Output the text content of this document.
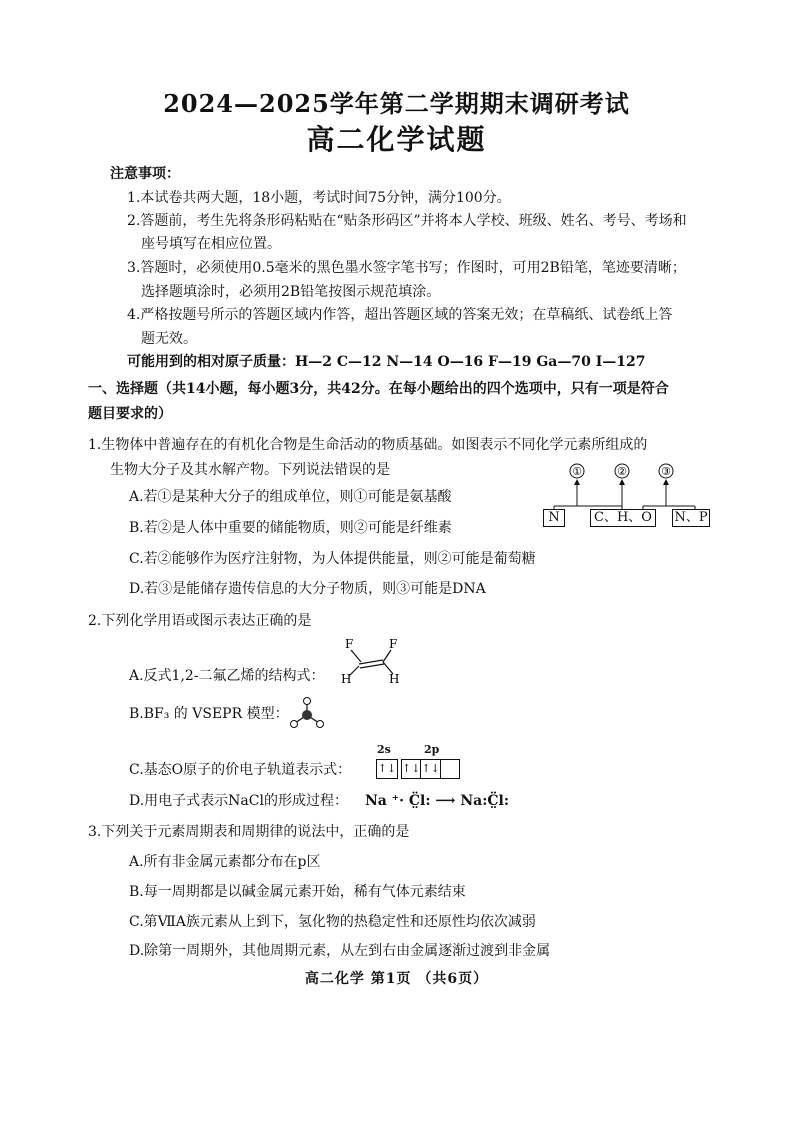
2024—2025学年第二学期期末调研考试
高二化学试题
注意事项：
1.本试卷共两大题，18小题，考试时间75分钟，满分100分。
2.答题前，考生先将条形码粘贴在“贴条形码区”并将本人学校、班级、姓名、考号、考场和
座号填写在相应位置。
3.答题时，必须使用0.5毫米的黑色墨水签字笔书写；作图时，可用2B铅笔，笔迹要清晰；
选择题填涂时，必须用2B铅笔按图示规范填涂。
4.严格按题号所示的答题区域内作答，超出答题区域的答案无效；在草稿纸、试卷纸上答
题无效。
可能用到的相对原子质量：H—2 C—12 N—14 O—16 F—19 Ga—70 I—127
一、选择题（共14小题，每小题3分，共42分。在每小题给出的四个选项中，只有一项是符合
题目要求的）
1.生物体中普遍存在的有机化合物是生命活动的物质基础。如图表示不同化学元素所组成的
生物大分子及其水解产物。下列说法错误的是
A.若①是某种大分子的组成单位，则①可能是氨基酸
B.若②是人体中重要的储能物质，则②可能是纤维素
C.若②能够作为医疗注射物，为人体提供能量，则②可能是葡萄糖
D.若③是能储存遗传信息的大分子物质，则③可能是DNA
①	②	③
N	C、H、O	N、P
2.下列化学用语或图示表达正确的是
A.反式1,2-二氟乙烯的结构式：
F	F
H	H
B.BF₃ 的 VSEPR 模型：
2s	2p
C.基态O原子的价电子轨道表示式： ↑↓ ↑↓ ↑↓
D.用电子式表示NaCl的形成过程： Na ⁺· C̤̈l: ⟶ Na:C̤̈l:
3.下列关于元素周期表和周期律的说法中，正确的是
A.所有非金属元素都分布在p区
B.每一周期都是以碱金属元素开始，稀有气体元素结束
C.第ⅦA族元素从上到下，氢化物的热稳定性和还原性均依次减弱
D.除第一周期外，其他周期元素，从左到右由金属逐渐过渡到非金属
高二化学 第1页 （共6页）
